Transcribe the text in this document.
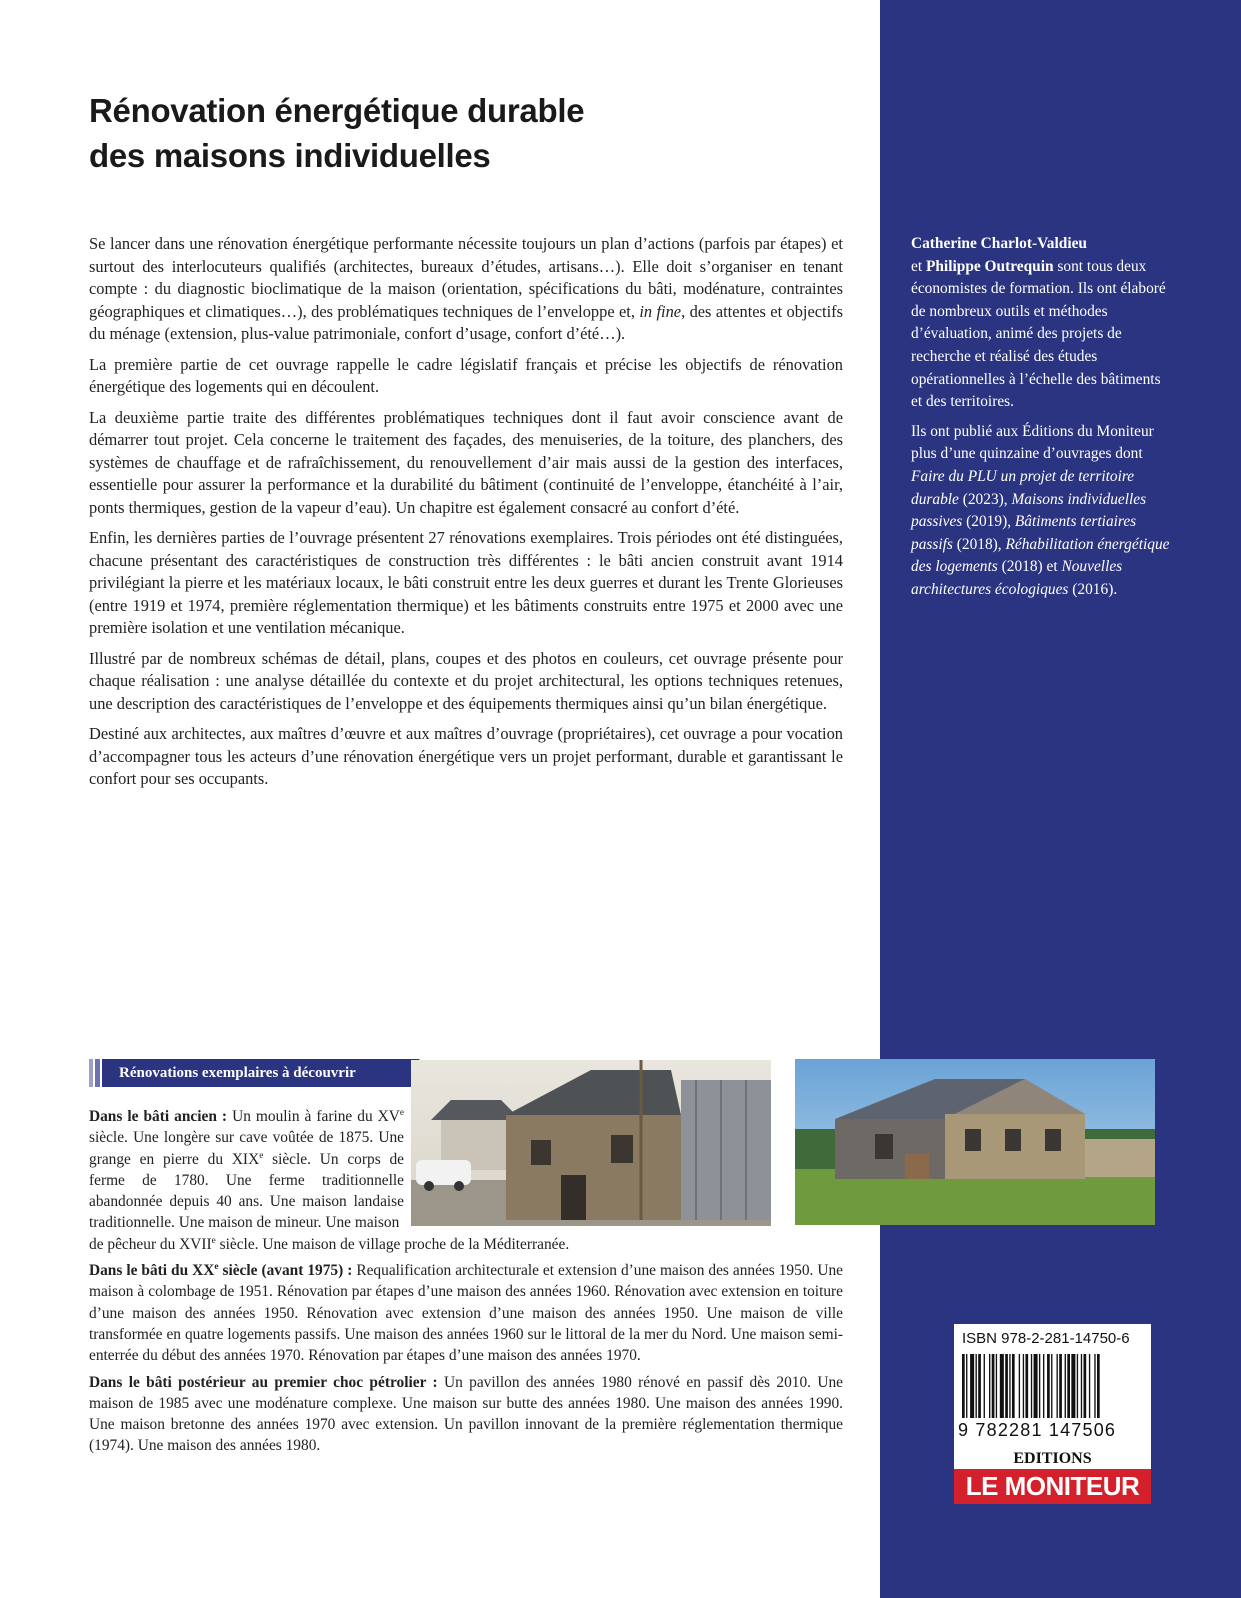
Rénovation énergétique durable
des maisons individuelles

Se lancer dans une rénovation énergétique performante nécessite toujours un plan d’actions (parfois par étapes) et surtout des interlocuteurs qualifiés (architectes, bureaux d’études, artisans…). Elle doit s’organiser en tenant compte : du diagnostic bioclimatique de la maison (orientation, spécifications du bâti, modénature, contraintes géographiques et climatiques…), des problématiques techniques de l’enveloppe et, in fine, des attentes et objectifs du ménage (extension, plus-value patrimoniale, confort d’usage, confort d’été…).

La première partie de cet ouvrage rappelle le cadre législatif français et précise les objectifs de rénovation énergétique des logements qui en découlent.

La deuxième partie traite des différentes problématiques techniques dont il faut avoir conscience avant de démarrer tout projet. Cela concerne le traitement des façades, des menuiseries, de la toiture, des planchers, des systèmes de chauffage et de rafraîchissement, du renouvellement d’air mais aussi de la gestion des interfaces, essentielle pour assurer la performance et la durabilité du bâtiment (continuité de l’enveloppe, étanchéité à l’air, ponts thermiques, gestion de la vapeur d’eau). Un chapitre est également consacré au confort d’été.

Enfin, les dernières parties de l’ouvrage présentent 27 rénovations exemplaires. Trois périodes ont été distinguées, chacune présentant des caractéristiques de construction très différentes : le bâti ancien construit avant 1914 privilégiant la pierre et les matériaux locaux, le bâti construit entre les deux guerres et durant les Trente Glorieuses (entre 1919 et 1974, première réglementation thermique) et les bâtiments construits entre 1975 et 2000 avec une première isolation et une ventilation mécanique.

Illustré par de nombreux schémas de détail, plans, coupes et des photos en couleurs, cet ouvrage présente pour chaque réalisation : une analyse détaillée du contexte et du projet architectural, les options techniques retenues, une description des caractéristiques de l’enveloppe et des équipements thermiques ainsi qu’un bilan énergétique.

Destiné aux architectes, aux maîtres d’œuvre et aux maîtres d’ouvrage (propriétaires), cet ouvrage a pour vocation d’accompagner tous les acteurs d’une rénovation énergétique vers un projet performant, durable et garantissant le confort pour ses occupants.

Catherine Charlot-Valdieu
et Philippe Outrequin sont tous deux économistes de formation. Ils ont élaboré de nombreux outils et méthodes d’évaluation, animé des projets de recherche et réalisé des études opérationnelles à l’échelle des bâtiments et des territoires.

Ils ont publié aux Éditions du Moniteur plus d’une quinzaine d’ouvrages dont Faire du PLU un projet de territoire durable (2023), Maisons individuelles passives (2019), Bâtiments tertiaires passifs (2018), Réhabilitation énergétique des logements (2018) et Nouvelles architectures écologiques (2016).

Rénovations exemplaires à découvrir

Dans le bâti ancien : Un moulin à farine du XVe siècle. Une longère sur cave voûtée de 1875. Une grange en pierre du XIXe siècle. Un corps de ferme de 1780. Une ferme traditionnelle abandonnée depuis 40 ans. Une maison landaise traditionnelle. Une maison de mineur. Une maison

de pêcheur du XVIIe siècle. Une maison de village proche de la Méditerranée.

Dans le bâti du XXe siècle (avant 1975) : Requalification architecturale et extension d’une maison des années 1950. Une maison à colombage de 1951. Rénovation par étapes d’une maison des années 1960. Rénovation avec extension en toiture d’une maison des années 1950. Rénovation avec extension d’une maison des années 1950. Une maison de ville transformée en quatre logements passifs. Une maison des années 1960 sur le littoral de la mer du Nord. Une maison semi-enterrée du début des années 1970. Rénovation par étapes d’une maison des années 1970.

Dans le bâti postérieur au premier choc pétrolier : Un pavillon des années 1980 rénové en passif dès 2010. Une maison de 1985 avec une modénature complexe. Une maison sur butte des années 1980. Une maison des années 1990. Une maison bretonne des années 1970 avec extension. Un pavillon innovant de la première réglementation thermique (1974). Une maison des années 1980.

ISBN 978-2-281-14750-6
9 782281 147506
EDITIONS
LE MONITEUR
